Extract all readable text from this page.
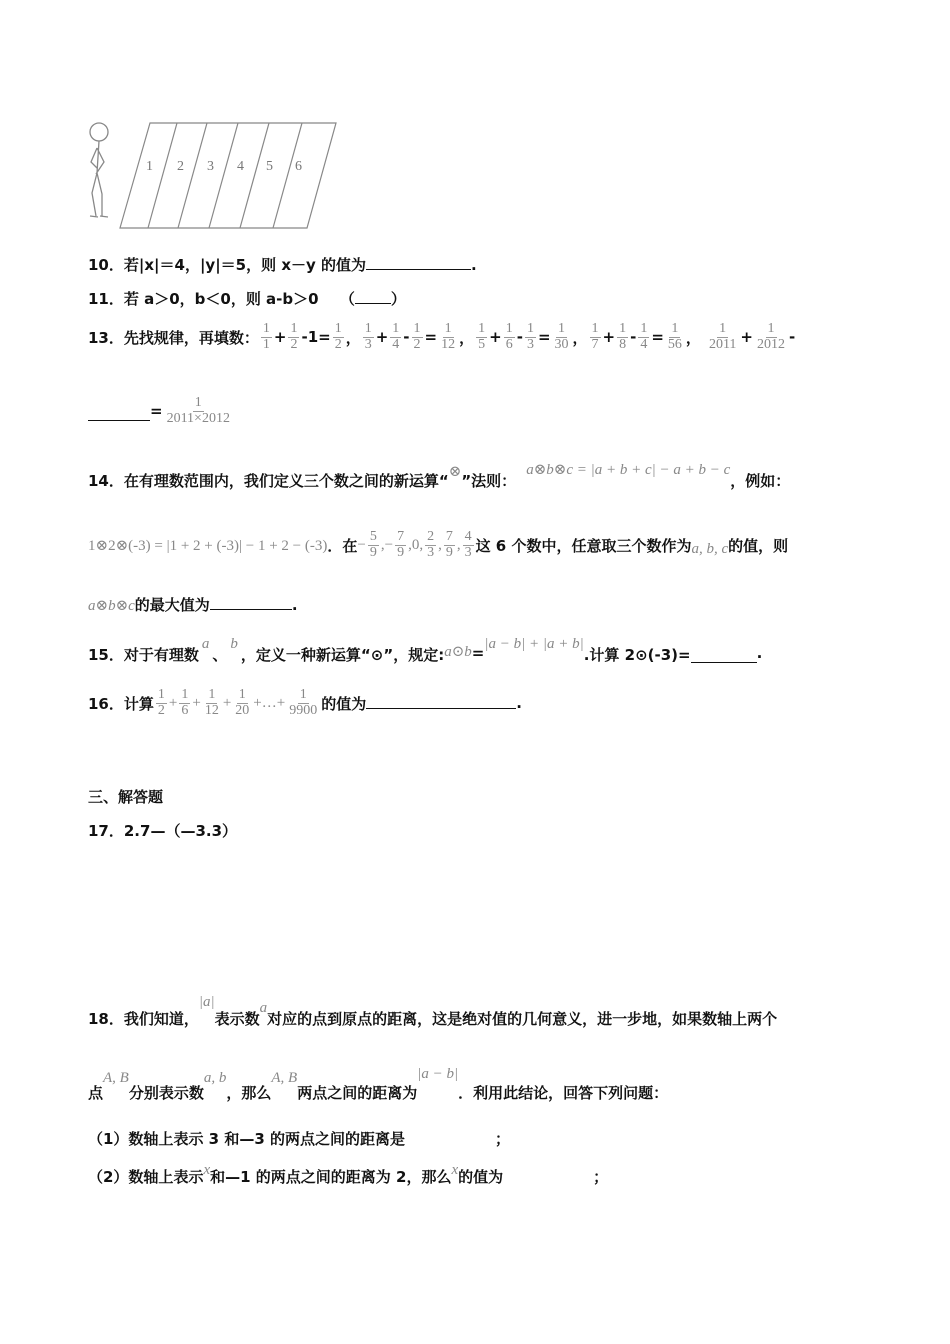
1 2 3 4 5 6
10．若|x|＝4，|y|＝5，则 x－y 的值为	.
11．若 a＞0，b＜0，则 a-b＞0 （ ）
13． 先找规律，再填数： $\frac{1}{1} + \frac{1}{2} -1= \frac{1}{2}$ ， $\frac{1}{3} + \frac{1}{4} - \frac{1}{2} = \frac{1}{12}$ ， $\frac{1}{5} + \frac{1}{6} - \frac{1}{3} = \frac{1}{30}$ ， $\frac{1}{7} + \frac{1}{8} - \frac{1}{4} = \frac{1}{56}$ ， $\frac{1}{2011} + \frac{1}{2012}$ -
= $\frac{1}{2011\times 2012}$
14． 在有理数范围内，我们定义三个数之间的新运算“ ⊗ ”法则：
a⊗b⊗c = |a + b + c| − a + b − c
，例如：
1⊗2⊗(-3) = |1 + 2 + (-3)| − 1 + 2 − (-3) ．在 − $\frac{5}{9}$ , − $\frac{7}{9}$ , 0 , $\frac{2}{3}$ , $\frac{7}{9}$ , $\frac{4}{3}$ 这 6 个数中，任意取三个数作为 a, b, c 的值，则
a⊗b⊗c的最大值为	.
15． 对于有理数
a
、
b
，定义一种新运算“⊙”，规定: a⊙b = |a − b| + |a + b|
.计算 2⊙(-3)=	.
16． 计算 $\frac{1}{2} + \frac{1}{6} + \frac{1}{12} + \frac{1}{20}$ + … + $\frac{1}{9900}$ 的值为	.
三、解答题
17．2.7—（—3.3）
18． 我们知道，
|a|
表示数
a
对应的点到原点的距离，这是绝对值的几何意义，进一步地，如果数轴上两个
点
A, B
分别表示数
a, b
，那么
A, B
两点之间的距离为
|a − b|
．利用此结论，回答下列问题：
（1）数轴上表示 3 和—3 的两点之间的距离是	；
（2）数轴上表示 x 和—1 的两点之间的距离为 2，那么 x 的值为	；
